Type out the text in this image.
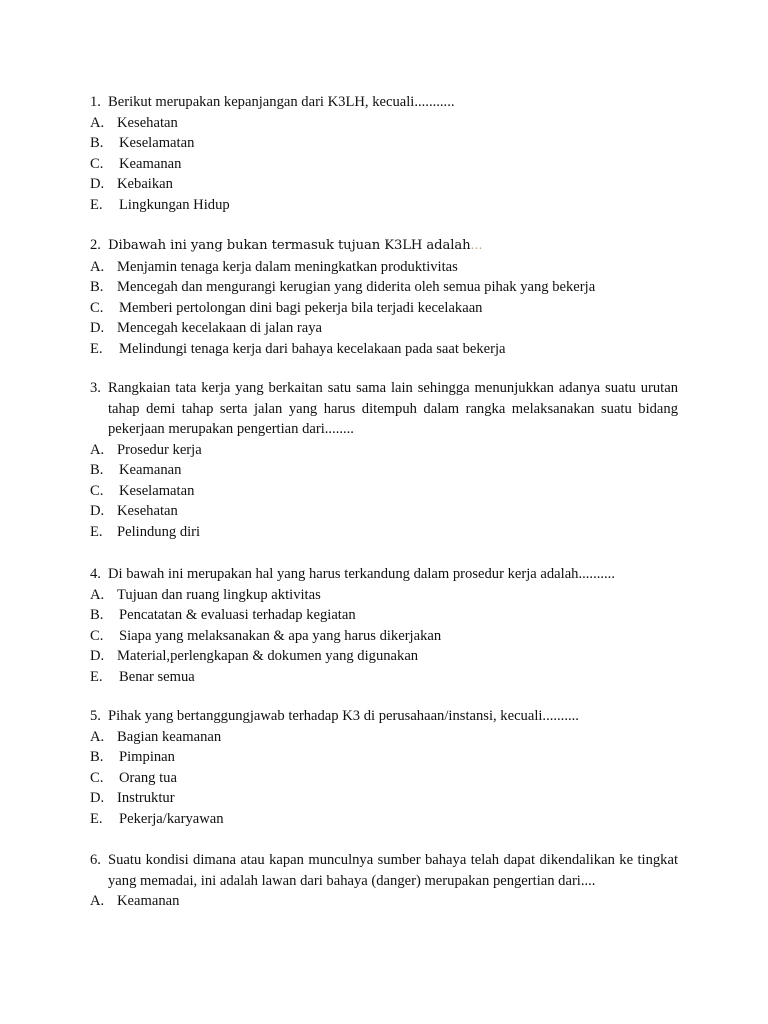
1. Berikut merupakan kepanjangan dari K3LH, kecuali...........
A. Kesehatan
B. Keselamatan
C. Keamanan
D. Kebaikan
E. Lingkungan Hidup
2. Dibawah ini yang bukan termasuk tujuan K3LH adalah…
A. Menjamin tenaga kerja dalam meningkatkan produktivitas
B. Mencegah dan mengurangi kerugian yang diderita oleh semua pihak yang bekerja
C. Memberi pertolongan dini bagi pekerja bila terjadi kecelakaan
D. Mencegah kecelakaan di jalan raya
E. Melindungi tenaga kerja dari bahaya kecelakaan pada saat bekerja
3. Rangkaian tata kerja yang berkaitan satu sama lain sehingga menunjukkan adanya suatu urutan tahap demi tahap serta jalan yang harus ditempuh dalam rangka melaksanakan suatu bidang pekerjaan merupakan pengertian dari........
A. Prosedur kerja
B. Keamanan
C. Keselamatan
D. Kesehatan
E. Pelindung diri
4. Di bawah ini merupakan hal yang harus terkandung dalam prosedur kerja adalah..........
A. Tujuan dan ruang lingkup aktivitas
B. Pencatatan & evaluasi terhadap kegiatan
C. Siapa yang melaksanakan & apa yang harus dikerjakan
D. Material,perlengkapan & dokumen yang digunakan
E. Benar semua
5. Pihak yang bertanggungjawab terhadap K3 di perusahaan/instansi, kecuali..........
A. Bagian keamanan
B. Pimpinan
C. Orang tua
D. Instruktur
E. Pekerja/karyawan
6. Suatu kondisi dimana atau kapan munculnya sumber bahaya telah dapat dikendalikan ke tingkat yang memadai, ini adalah lawan dari bahaya (danger) merupakan pengertian dari....
A. Keamanan
